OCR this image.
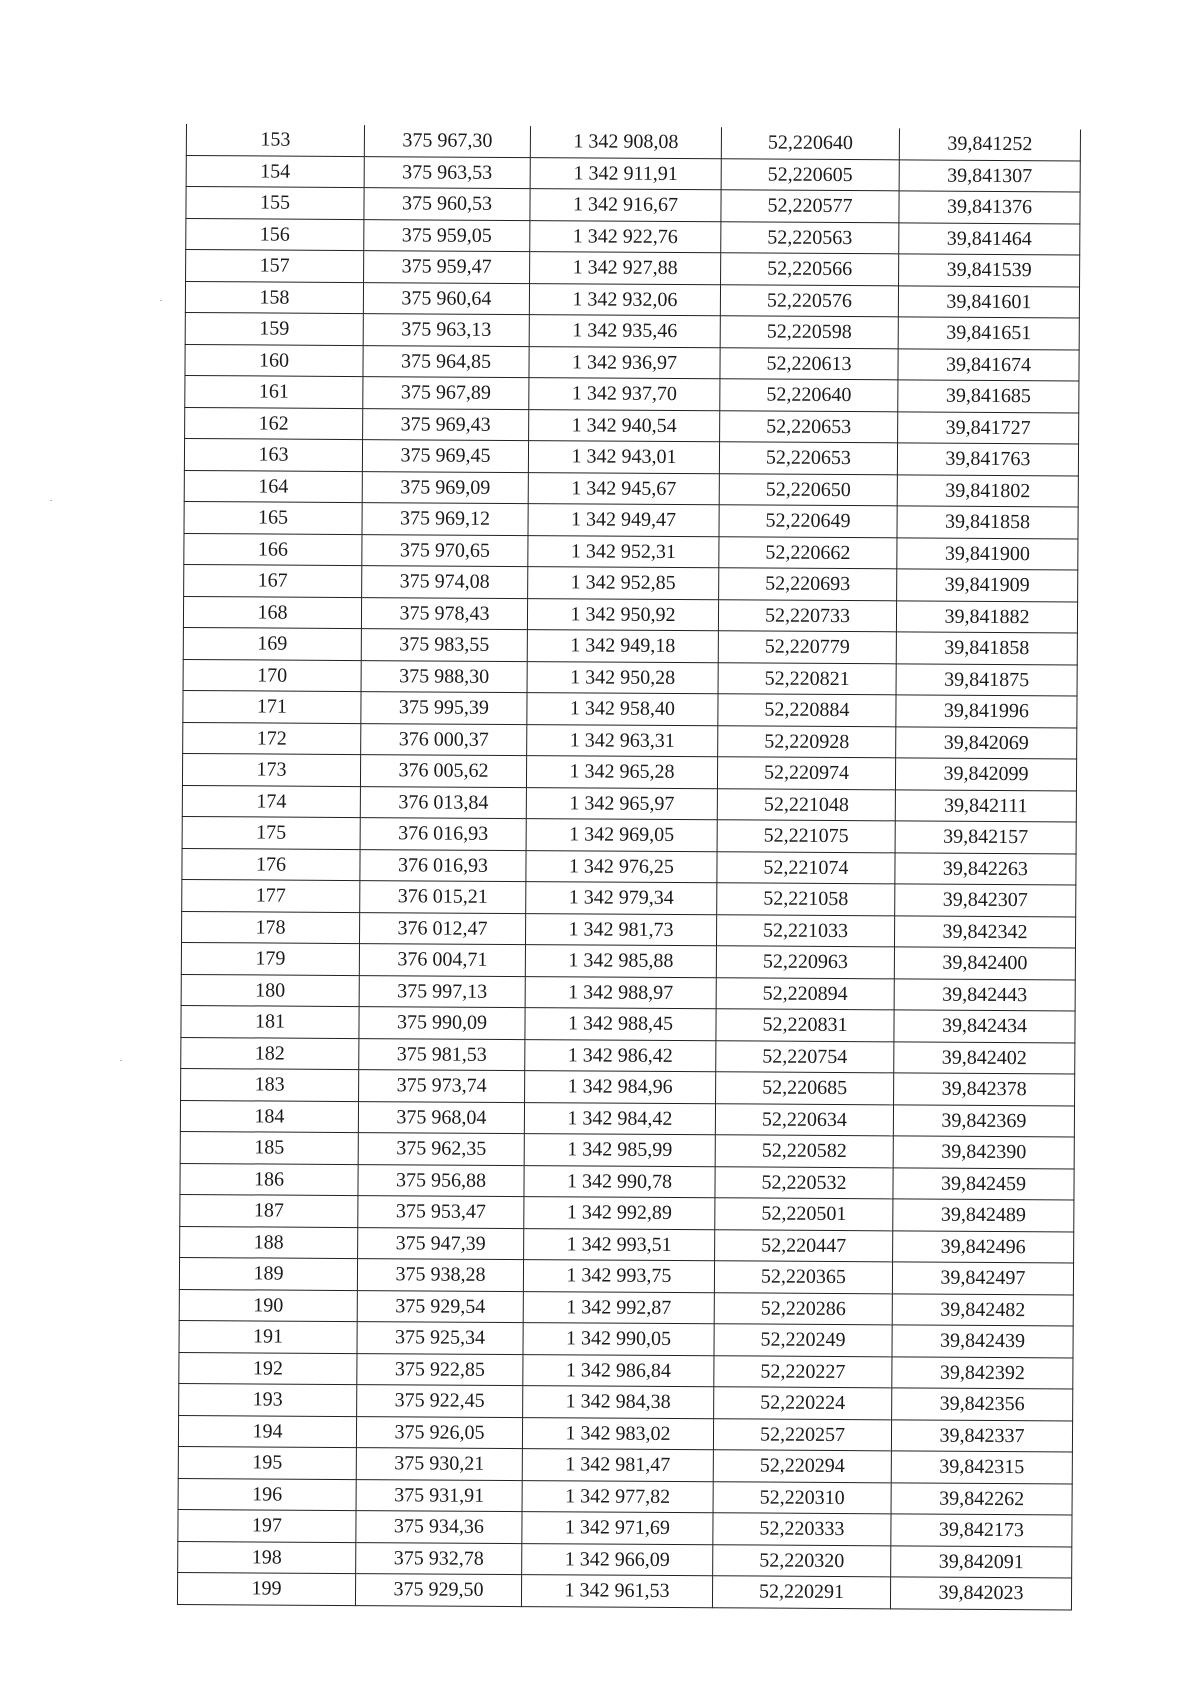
153	375 967,30	1 342 908,08	52,220640	39,841252
154	375 963,53	1 342 911,91	52,220605	39,841307
155	375 960,53	1 342 916,67	52,220577	39,841376
156	375 959,05	1 342 922,76	52,220563	39,841464
157	375 959,47	1 342 927,88	52,220566	39,841539
158	375 960,64	1 342 932,06	52,220576	39,841601
159	375 963,13	1 342 935,46	52,220598	39,841651
160	375 964,85	1 342 936,97	52,220613	39,841674
161	375 967,89	1 342 937,70	52,220640	39,841685
162	375 969,43	1 342 940,54	52,220653	39,841727
163	375 969,45	1 342 943,01	52,220653	39,841763
164	375 969,09	1 342 945,67	52,220650	39,841802
165	375 969,12	1 342 949,47	52,220649	39,841858
166	375 970,65	1 342 952,31	52,220662	39,841900
167	375 974,08	1 342 952,85	52,220693	39,841909
168	375 978,43	1 342 950,92	52,220733	39,841882
169	375 983,55	1 342 949,18	52,220779	39,841858
170	375 988,30	1 342 950,28	52,220821	39,841875
171	375 995,39	1 342 958,40	52,220884	39,841996
172	376 000,37	1 342 963,31	52,220928	39,842069
173	376 005,62	1 342 965,28	52,220974	39,842099
174	376 013,84	1 342 965,97	52,221048	39,842111
175	376 016,93	1 342 969,05	52,221075	39,842157
176	376 016,93	1 342 976,25	52,221074	39,842263
177	376 015,21	1 342 979,34	52,221058	39,842307
178	376 012,47	1 342 981,73	52,221033	39,842342
179	376 004,71	1 342 985,88	52,220963	39,842400
180	375 997,13	1 342 988,97	52,220894	39,842443
181	375 990,09	1 342 988,45	52,220831	39,842434
182	375 981,53	1 342 986,42	52,220754	39,842402
183	375 973,74	1 342 984,96	52,220685	39,842378
184	375 968,04	1 342 984,42	52,220634	39,842369
185	375 962,35	1 342 985,99	52,220582	39,842390
186	375 956,88	1 342 990,78	52,220532	39,842459
187	375 953,47	1 342 992,89	52,220501	39,842489
188	375 947,39	1 342 993,51	52,220447	39,842496
189	375 938,28	1 342 993,75	52,220365	39,842497
190	375 929,54	1 342 992,87	52,220286	39,842482
191	375 925,34	1 342 990,05	52,220249	39,842439
192	375 922,85	1 342 986,84	52,220227	39,842392
193	375 922,45	1 342 984,38	52,220224	39,842356
194	375 926,05	1 342 983,02	52,220257	39,842337
195	375 930,21	1 342 981,47	52,220294	39,842315
196	375 931,91	1 342 977,82	52,220310	39,842262
197	375 934,36	1 342 971,69	52,220333	39,842173
198	375 932,78	1 342 966,09	52,220320	39,842091
199	375 929,50	1 342 961,53	52,220291	39,842023
